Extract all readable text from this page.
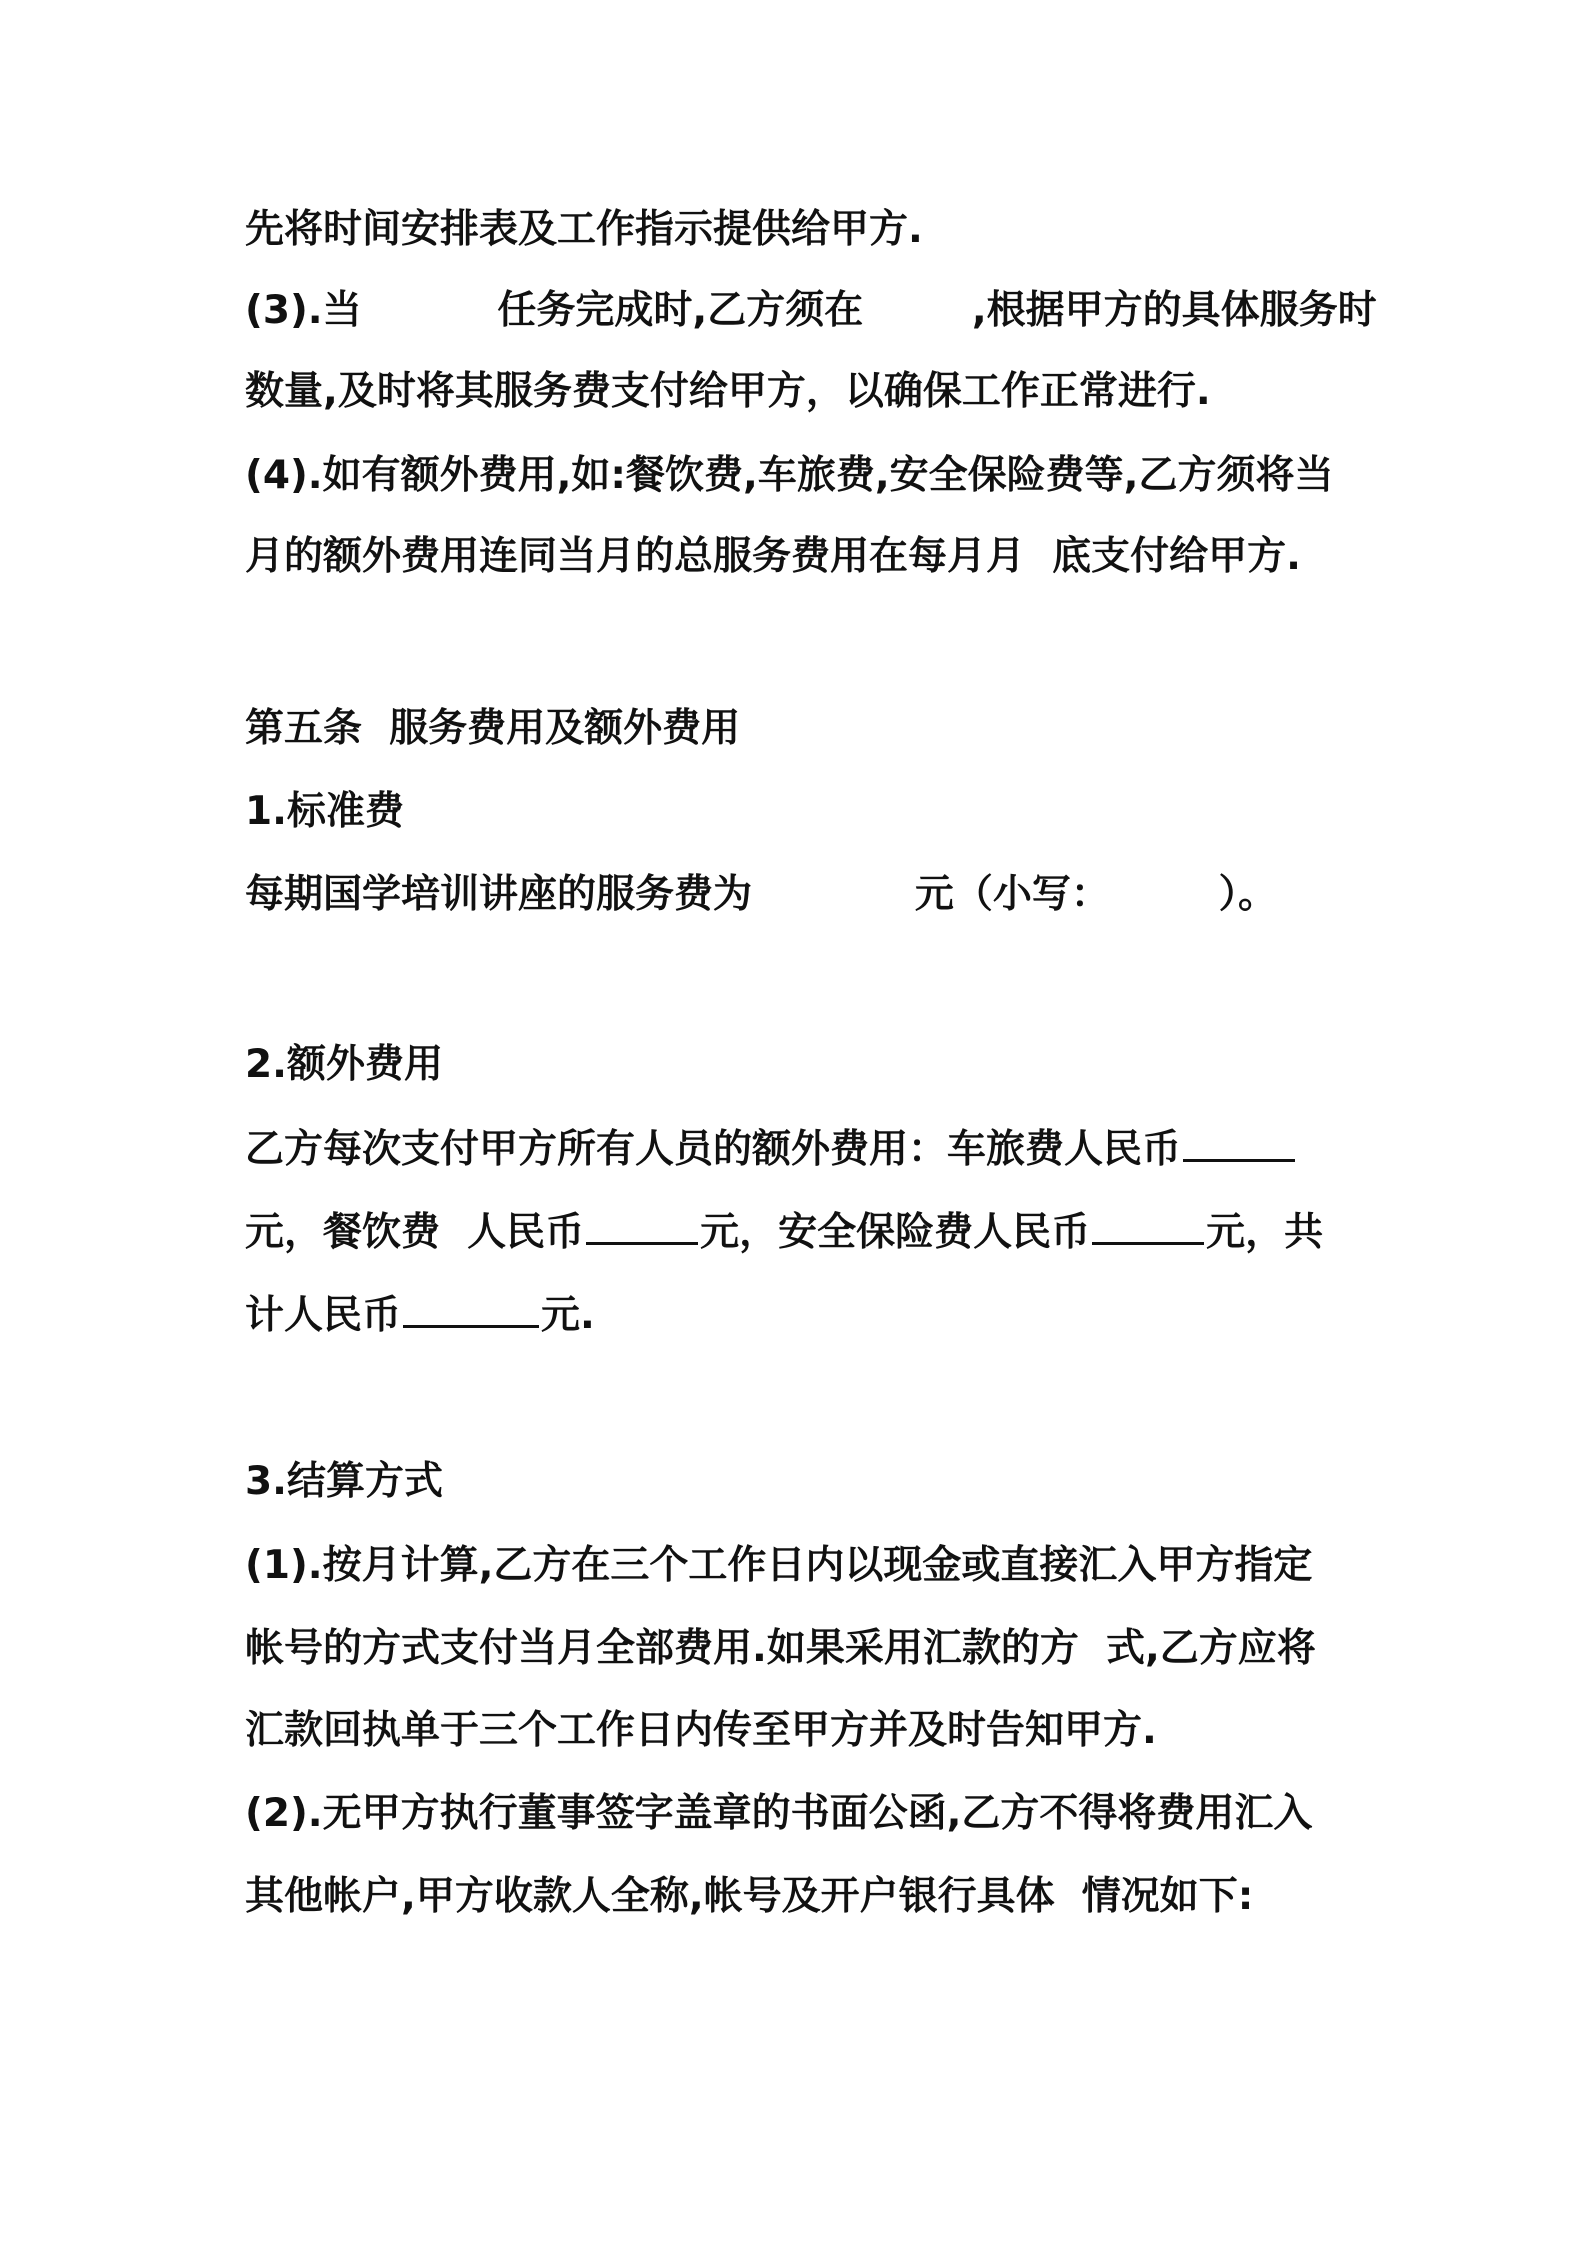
先将时间安排表及工作指示提供给甲方.
(3).当          任务完成时,乙方须在        ,根据甲方的具体服务时
数量,及时将其服务费支付给甲方，以确保工作正常进行.
(4).如有额外费用,如:餐饮费,车旅费,安全保险费等,乙方须将当
月的额外费用连同当月的总服务费用在每月月  底支付给甲方.
第五条  服务费用及额外费用
1.标准费
每期国学培训讲座的服务费为            元（小写：        ）。
2.额外费用
乙方每次支付甲方所有人员的额外费用：车旅费人民币
元，餐饮费  人民币	元，安全保险费人民币	元，共
计人民币	元.
3.结算方式
(1).按月计算,乙方在三个工作日内以现金或直接汇入甲方指定
帐号的方式支付当月全部费用.如果采用汇款的方  式,乙方应将
汇款回执单于三个工作日内传至甲方并及时告知甲方.
(2).无甲方执行董事签字盖章的书面公函,乙方不得将费用汇入
其他帐户,甲方收款人全称,帐号及开户银行具体  情况如下:
